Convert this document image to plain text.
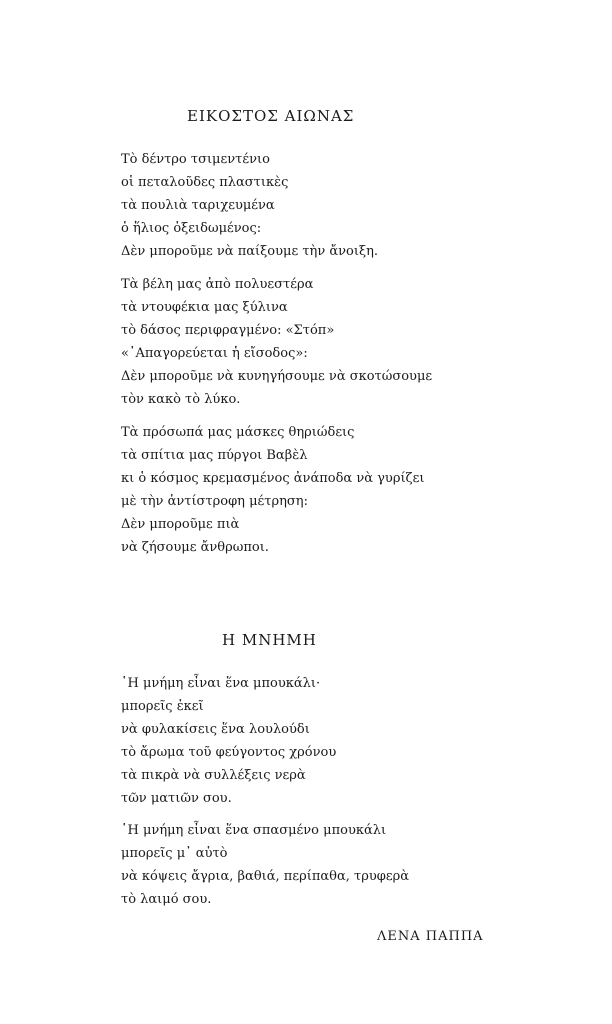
ΕΙΚΟΣΤΟΣ ΑΙΩΝΑΣ
Τὸ δέντρο τσιμεντένιο
οἱ πεταλοῦδες πλαστικὲς
τὰ πουλιὰ ταριχευμένα
ὁ ἥλιος ὀξειδωμένος:
Δὲν μποροῦμε νὰ παίξουμε τὴν ἄνοιξη.
Τὰ βέλη μας ἀπὸ πολυεστέρα
τὰ ντουφέκια μας ξύλινα
τὸ δάσος περιφραγμένο: «Στόπ»
«᾿Απαγορεύεται ἡ εἴσοδος»:
Δὲν μποροῦμε νὰ κυνηγήσουμε νὰ σκοτώσουμε
τὸν κακὸ τὸ λύκο.
Τὰ πρόσωπά μας μάσκες θηριώδεις
τὰ σπίτια μας πύργοι Βαβὲλ
κι ὁ κόσμος κρεμασμένος ἀνάποδα νὰ γυρίζει
μὲ τὴν ἀντίστροφη μέτρηση:
Δὲν μποροῦμε πιὰ
νὰ ζήσουμε ἄνθρωποι.
Η ΜΝΗΜΗ
῾Η μνήμη εἶναι ἕνα μπουκάλι·
μπορεῖς ἐκεῖ
νὰ φυλακίσεις ἕνα λουλούδι
τὸ ἄρωμα τοῦ φεύγοντος χρόνου
τὰ πικρὰ νὰ συλλέξεις νερὰ
τῶν ματιῶν σου.
῾Η μνήμη εἶναι ἕνα σπασμένο μπουκάλι
μπορεῖς μ᾿ αὐτὸ
νὰ κόψεις ἄγρια, βαθιά, περίπαθα, τρυφερὰ
τὸ λαιμό σου.
ΛΕΝΑ ΠΑΠΠΑ
